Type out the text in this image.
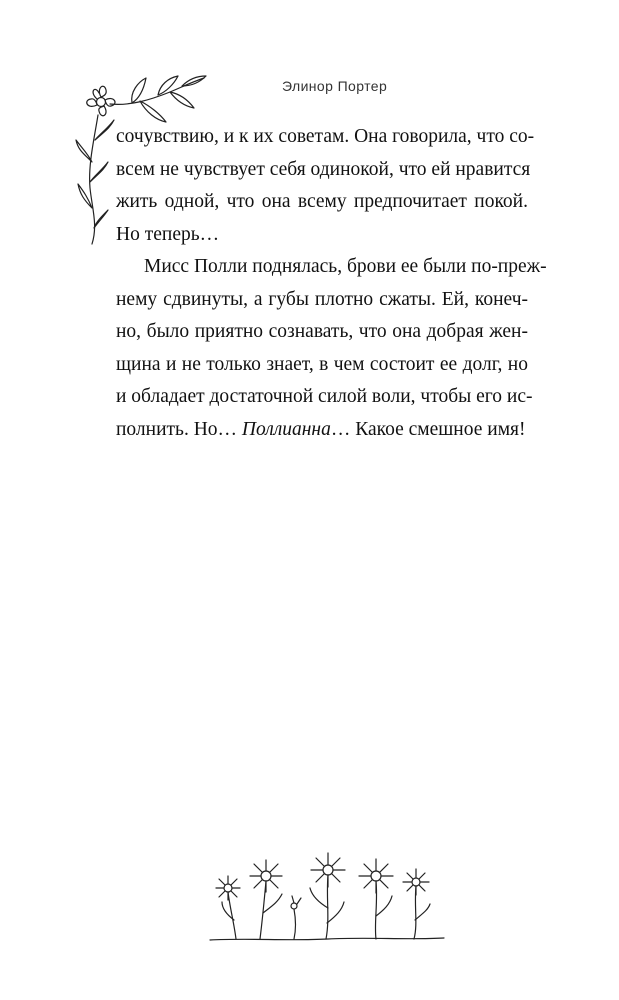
Элинор Портер
сочувствию, и к их советам. Она говорила, что со-
всем не чувствует себя одинокой, что ей нравится
жить одной, что она всему предпочитает покой.
Но теперь…
Мисс Полли поднялась, брови ее были по-преж-
нему сдвинуты, а губы плотно сжаты. Ей, конеч-
но, было приятно сознавать, что она добрая жен-
щина и не только знает, в чем состоит ее долг, но
и обладает достаточной силой воли, чтобы его ис-
полнить. Но… Поллианна… Какое смешное имя!
